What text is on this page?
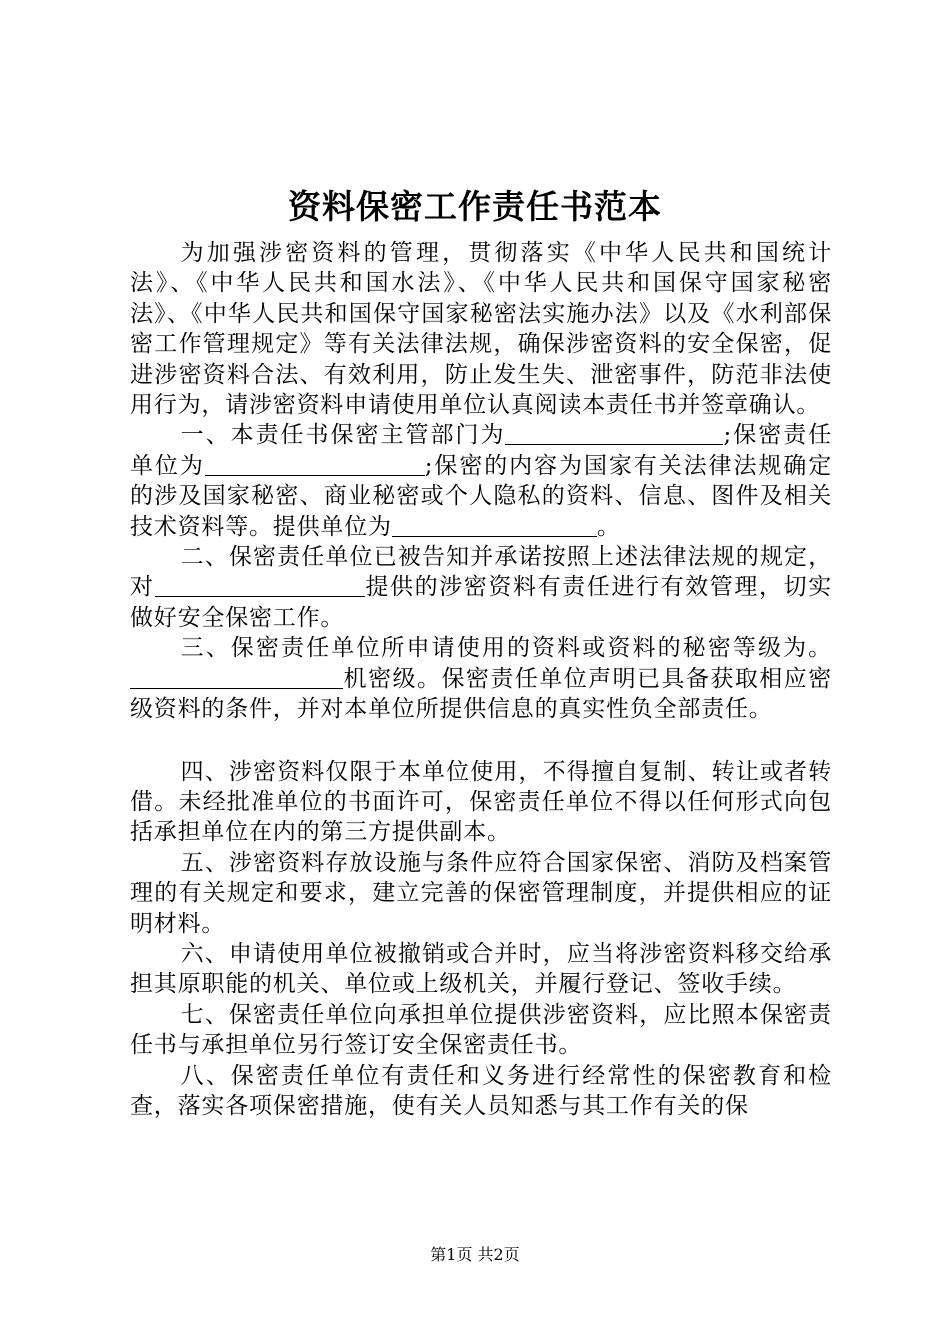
资料保密工作责任书范本

为加强涉密资料的管理，贯彻落实《中华人民共和国统计法》、《中华人民共和国水法》、《中华人民共和国保守国家秘密法》、《中华人民共和国保守国家秘密法实施办法》以及《水利部保密工作管理规定》等有关法律法规，确保涉密资料的安全保密，促进涉密资料合法、有效利用，防止发生失、泄密事件，防范非法使用行为，请涉密资料申请使用单位认真阅读本责任书并签章确认。

一、本责任书保密主管部门为	;保密责任单位为	;保密的内容为国家有关法律法规确定的涉及国家秘密、商业秘密或个人隐私的资料、信息、图件及相关技术资料等。提供单位为	。

二、保密责任单位已被告知并承诺按照上述法律法规的规定，对	提供的涉密资料有责任进行有效管理，切实做好安全保密工作。

三、保密责任单位所申请使用的资料或资料的秘密等级为。机密级。保密责任单位声明已具备获取相应密级资料的条件，并对本单位所提供信息的真实性负全部责任。

四、涉密资料仅限于本单位使用，不得擅自复制、转让或者转借。未经批准单位的书面许可，保密责任单位不得以任何形式向包括承担单位在内的第三方提供副本。

五、涉密资料存放设施与条件应符合国家保密、消防及档案管理的有关规定和要求，建立完善的保密管理制度，并提供相应的证明材料。

六、申请使用单位被撤销或合并时，应当将涉密资料移交给承担其原职能的机关、单位或上级机关，并履行登记、签收手续。

七、保密责任单位向承担单位提供涉密资料，应比照本保密责任书与承担单位另行签订安全保密责任书。

八、保密责任单位有责任和义务进行经常性的保密教育和检查，落实各项保密措施，使有关人员知悉与其工作有关的保

第1页 共2页
